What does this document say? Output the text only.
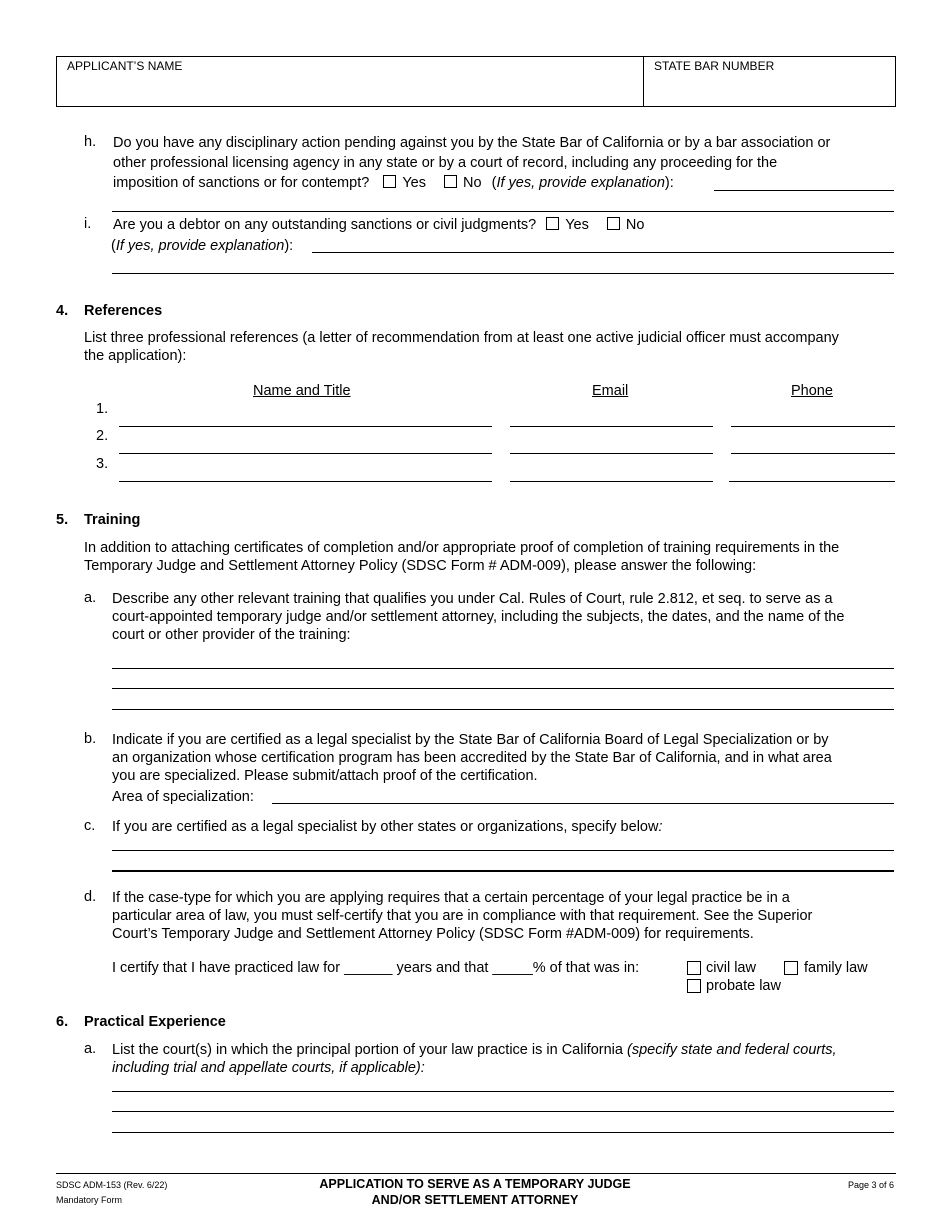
APPLICANT’S NAME	STATE BAR NUMBER
h. Do you have any disciplinary action pending against you by the State Bar of California or by a bar association or
other professional licensing agency in any state or by a court of record, including any proceeding for the
imposition of sanctions or for contempt? Yes	No (If yes, provide explanation):
i. Are you a debtor on any outstanding sanctions or civil judgments? Yes	No
(If yes, provide explanation):
4. References
List three professional references (a letter of recommendation from at least one active judicial officer must accompany
the application):
Name and Title	Email	Phone
1.
2.
3.
5. Training
In addition to attaching certificates of completion and/or appropriate proof of completion of training requirements in the
Temporary Judge and Settlement Attorney Policy (SDSC Form # ADM-009), please answer the following:
a. Describe any other relevant training that qualifies you under Cal. Rules of Court, rule 2.812, et seq. to serve as a
court-appointed temporary judge and/or settlement attorney, including the subjects, the dates, and the name of the
court or other provider of the training:
b. Indicate if you are certified as a legal specialist by the State Bar of California Board of Legal Specialization or by
an organization whose certification program has been accredited by the State Bar of California, and in what area
you are specialized. Please submit/attach proof of the certification.
Area of specialization:
c. If you are certified as a legal specialist by other states or organizations, specify below:
d. If the case-type for which you are applying requires that a certain percentage of your legal practice be in a
particular area of law, you must self-certify that you are in compliance with that requirement. See the Superior
Court’s Temporary Judge and Settlement Attorney Policy (SDSC Form #ADM-009) for requirements.
I certify that I have practiced law for ______ years and that _____% of that was in:	civil law	family law
probate law
6. Practical Experience
a. List the court(s) in which the principal portion of your law practice is in California (specify state and federal courts,
including trial and appellate courts, if applicable):
SDSC ADM-153 (Rev. 6/22)
Mandatory Form
APPLICATION TO SERVE AS A TEMPORARY JUDGE
AND/OR SETTLEMENT ATTORNEY
Page 3 of 6
